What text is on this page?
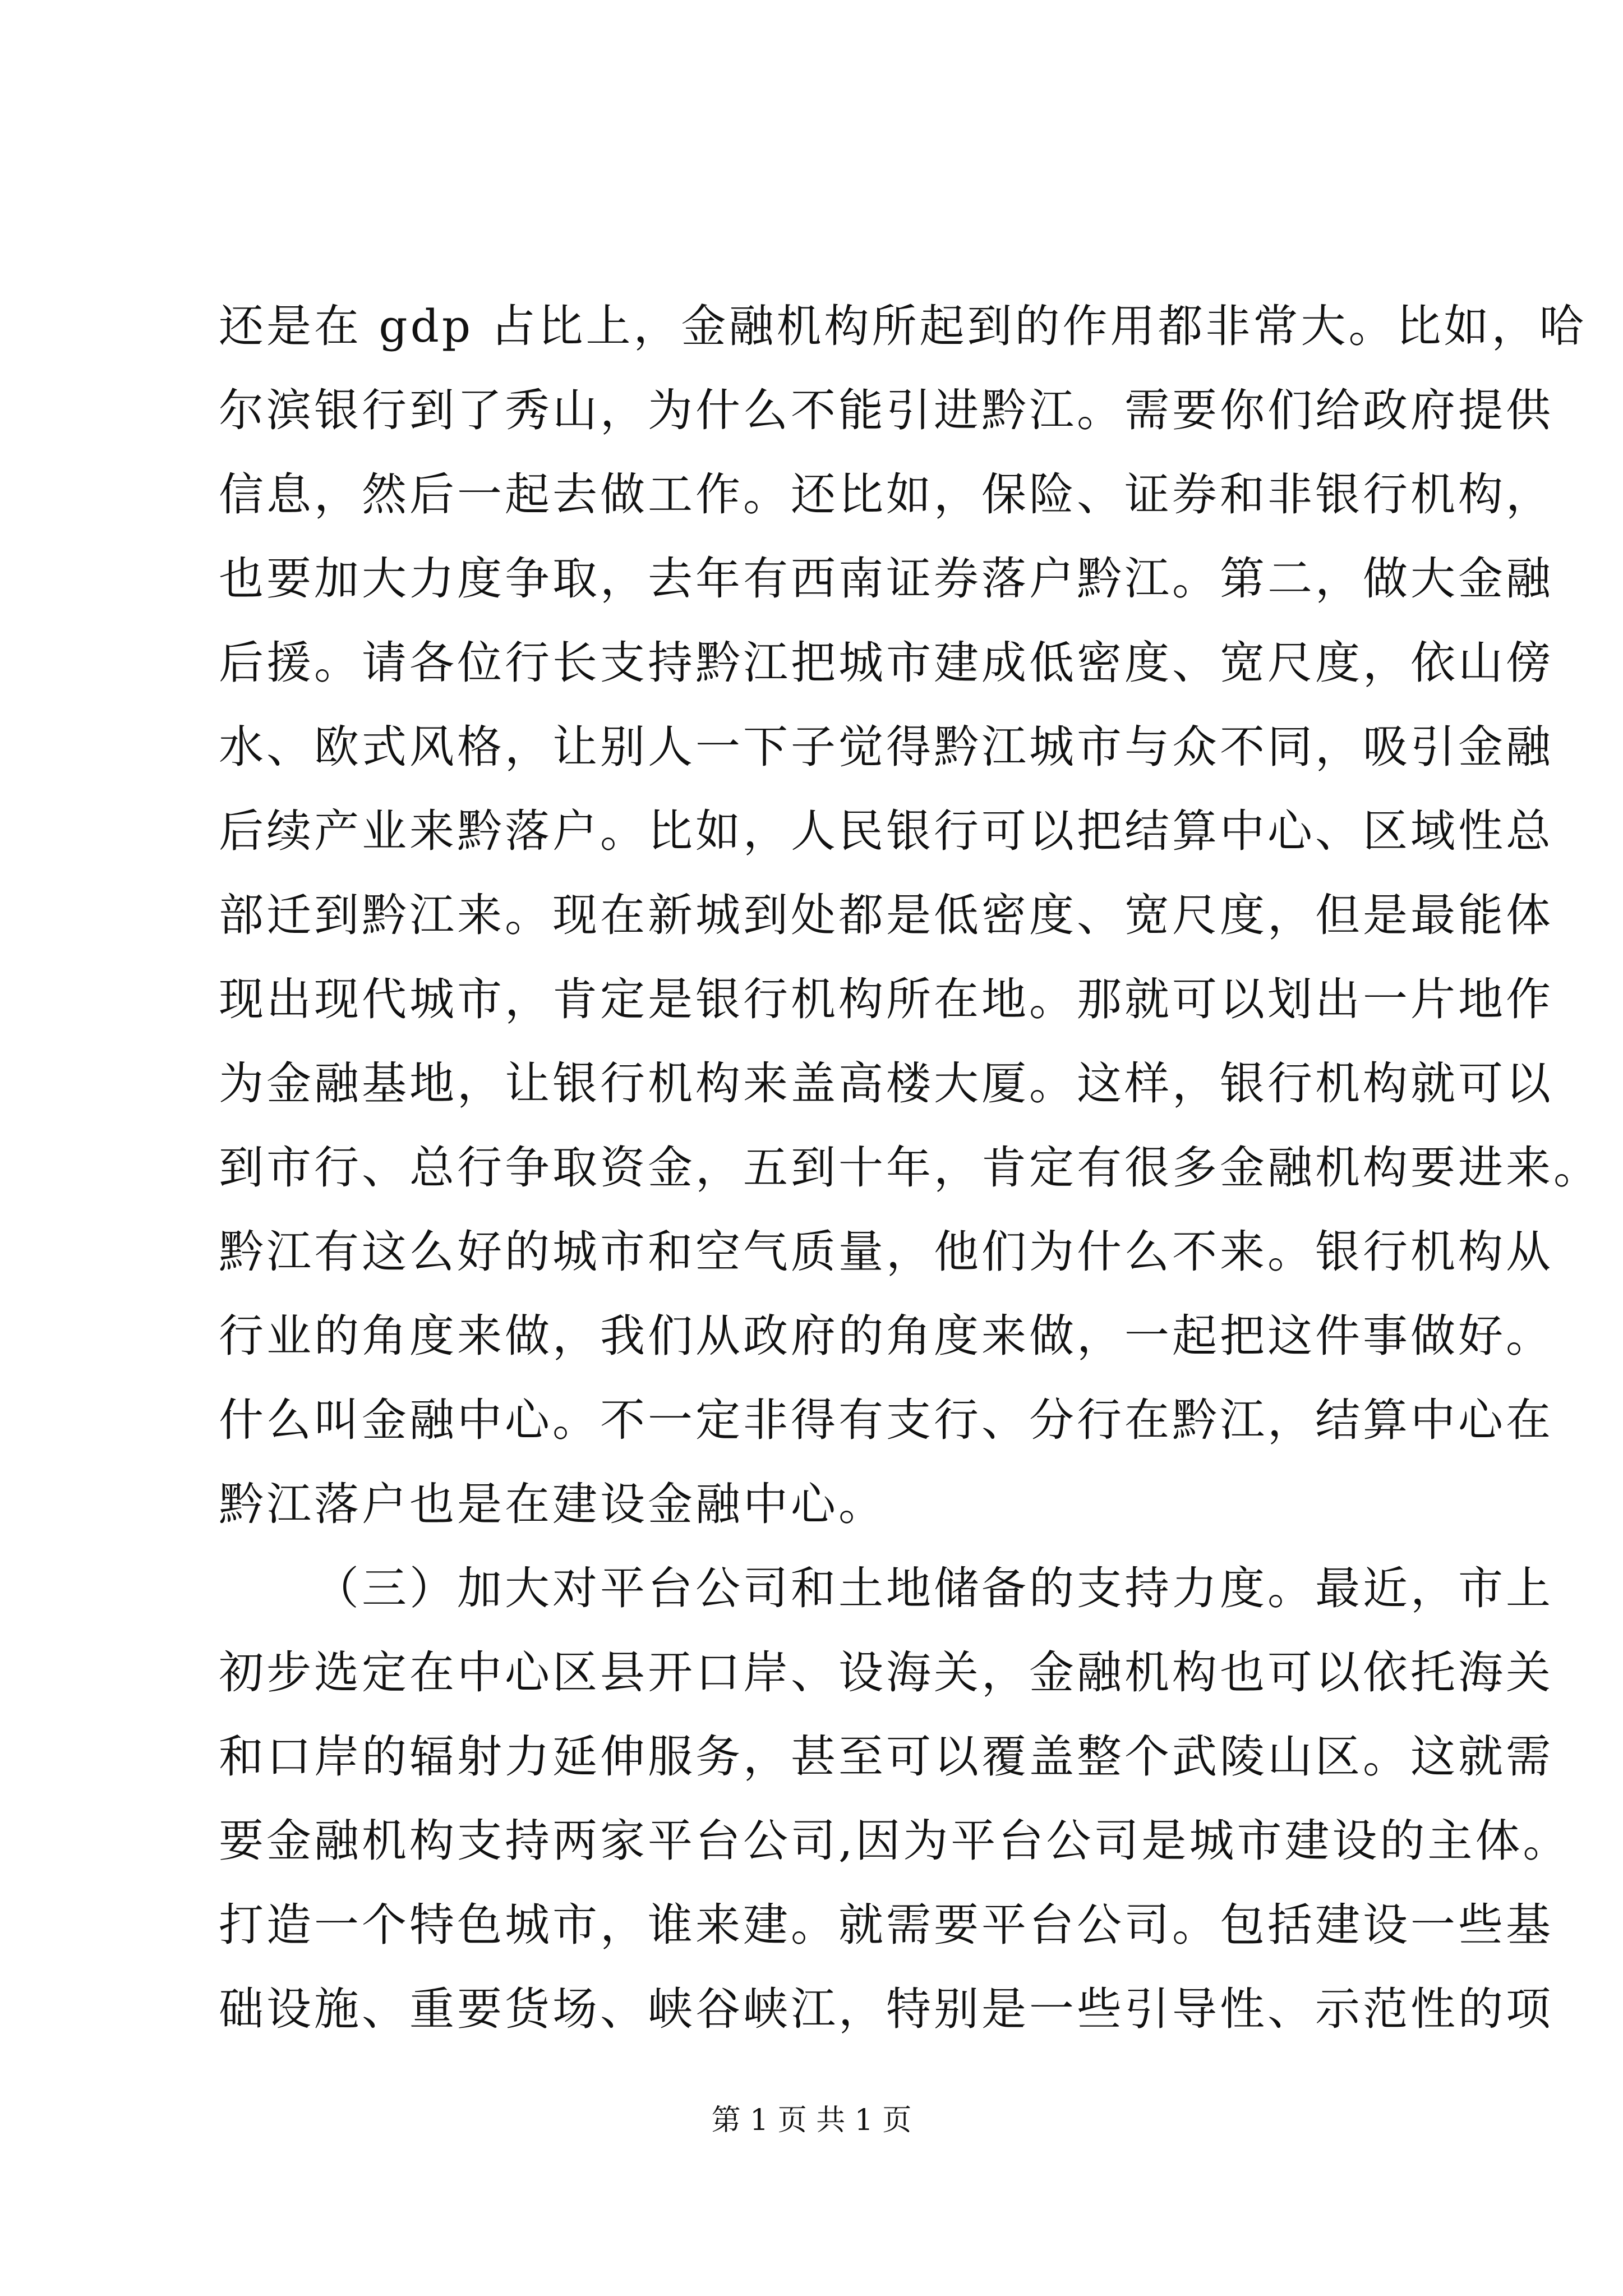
还是在 gdp 占比上，金融机构所起到的作用都非常大。比如，哈
尔滨银行到了秀山，为什么不能引进黔江。需要你们给政府提供
信息，然后一起去做工作。还比如，保险、证券和非银行机构，
也要加大力度争取，去年有西南证券落户黔江。第二，做大金融
后援。请各位行长支持黔江把城市建成低密度、宽尺度，依山傍
水、欧式风格，让别人一下子觉得黔江城市与众不同，吸引金融
后续产业来黔落户。比如，人民银行可以把结算中心、区域性总
部迁到黔江来。现在新城到处都是低密度、宽尺度，但是最能体
现出现代城市，肯定是银行机构所在地。那就可以划出一片地作
为金融基地，让银行机构来盖高楼大厦。这样，银行机构就可以
到市行、总行争取资金，五到十年，肯定有很多金融机构要进来。
黔江有这么好的城市和空气质量，他们为什么不来。银行机构从
行业的角度来做，我们从政府的角度来做，一起把这件事做好。
什么叫金融中心。不一定非得有支行、分行在黔江，结算中心在
黔江落户也是在建设金融中心。
（三）加大对平台公司和土地储备的支持力度。最近，市上
初步选定在中心区县开口岸、设海关，金融机构也可以依托海关
和口岸的辐射力延伸服务，甚至可以覆盖整个武陵山区。这就需
要金融机构支持两家平台公司,因为平台公司是城市建设的主体。
打造一个特色城市，谁来建。就需要平台公司。包括建设一些基
础设施、重要货场、峡谷峡江，特别是一些引导性、示范性的项
第 1 页 共 1 页
